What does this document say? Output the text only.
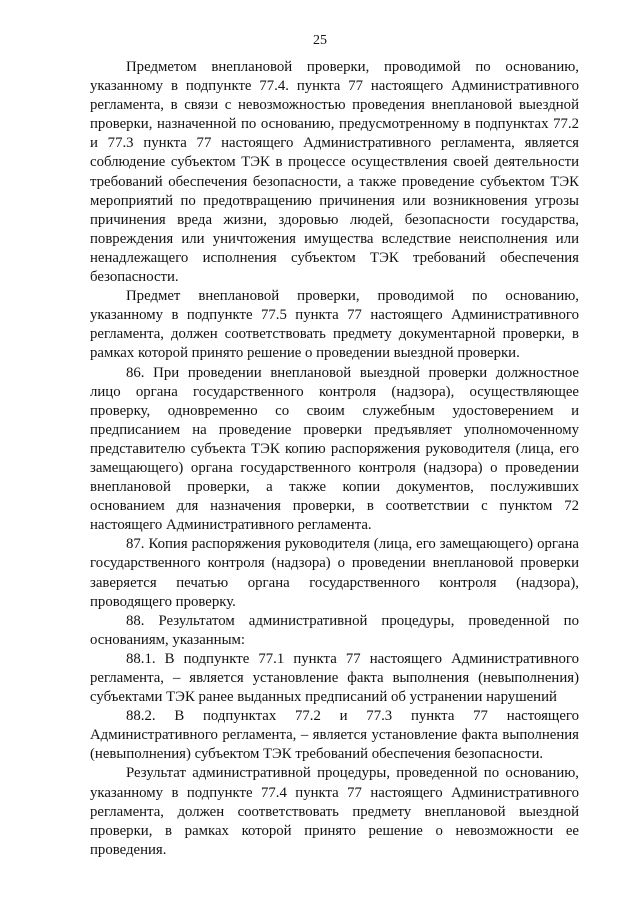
25

Предметом внеплановой проверки, проводимой по основанию, указанному в подпункте 77.4. пункта 77 настоящего Административного регламента, в связи с невозможностью проведения внеплановой выездной проверки, назначенной по основанию, предусмотренному в подпунктах 77.2 и 77.3 пункта 77 настоящего Административного регламента, является соблюдение субъектом ТЭК в процессе осуществления своей деятельности требований обеспечения безопасности, а также проведение субъектом ТЭК мероприятий по предотвращению причинения или возникновения угрозы причинения вреда жизни, здоровью людей, безопасности государства, повреждения или уничтожения имущества вследствие неисполнения или ненадлежащего исполнения субъектом ТЭК требований обеспечения безопасности.

Предмет внеплановой проверки, проводимой по основанию, указанному в подпункте 77.5 пункта 77 настоящего Административного регламента, должен соответствовать предмету документарной проверки, в рамках которой принято решение о проведении выездной проверки.

86. При проведении внеплановой выездной проверки должностное лицо органа государственного контроля (надзора), осуществляющее проверку, одновременно со своим служебным удостоверением и предписанием на проведение проверки предъявляет уполномоченному представителю субъекта ТЭК копию распоряжения руководителя (лица, его замещающего) органа государственного контроля (надзора) о проведении внеплановой проверки, а также копии документов, послуживших основанием для назначения проверки, в соответствии с пунктом 72 настоящего Административного регламента.

87. Копия распоряжения руководителя (лица, его замещающего) органа государственного контроля (надзора) о проведении внеплановой проверки заверяется печатью органа государственного контроля (надзора), проводящего проверку.

88. Результатом административной процедуры, проведенной по основаниям, указанным:

88.1. В подпункте 77.1 пункта 77 настоящего Административного регламента, – является установление факта выполнения (невыполнения) субъектами ТЭК ранее выданных предписаний об устранении нарушений

88.2. В подпунктах 77.2 и 77.3 пункта 77 настоящего Административного регламента, – является установление факта выполнения (невыполнения) субъектом ТЭК требований обеспечения безопасности.

Результат административной процедуры, проведенной по основанию, указанному в подпункте 77.4 пункта 77 настоящего Административного регламента, должен соответствовать предмету внеплановой выездной проверки, в рамках которой принято решение о невозможности ее проведения.
